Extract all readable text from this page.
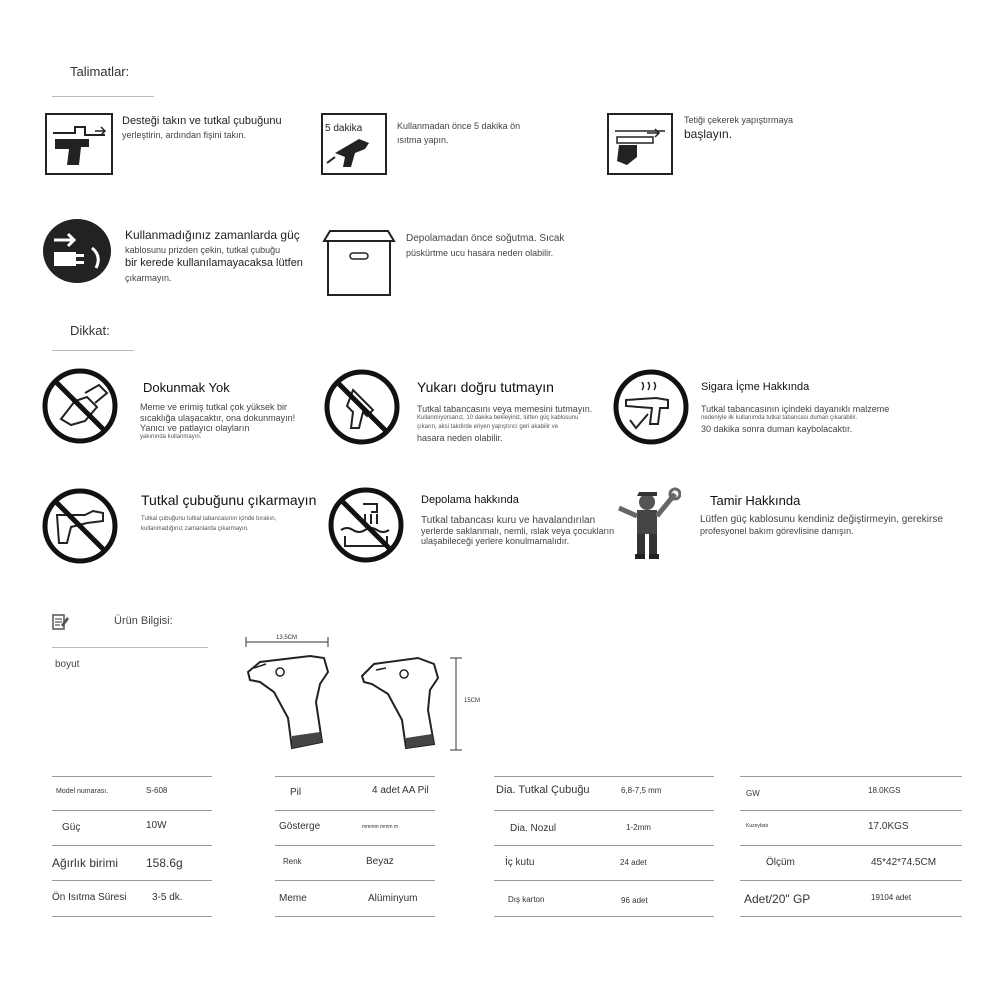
Talimatlar:
Desteği takın ve tutkal çubuğunu
yerleştirin, ardından fişini takın.
5 dakika	Kullanmadan önce 5 dakika ön
ısıtma yapın.
Tetiği çekerek yapıştırmaya
başlayın.
Kullanmadığınız zamanlarda güç
kablosunu prizden çekin, tutkal çubuğu
bir kerede kullanılamayacaksa lütfen
çıkarmayın.
Depolamadan önce soğutma. Sıcak
püskürtme ucu hasara neden olabilir.
Dikkat:
Dokunmak Yok
Meme ve erimiş tutkal çok yüksek bir
sıcaklığa ulaşacaktır, ona dokunmayın!
Yanıcı ve patlayıcı olayların
yakınında kullanmayın.
Yukarı doğru tutmayın
Tutkal tabancasını veya memesini tutmayın.
Kullanmıyorsanız, 10 dakika bekleyiniz, lütfen güç kablosunu
çıkarın, aksi takdirde eriyen yapıştırıcı geri akabilir ve
hasara neden olabilir.
Sigara İçme Hakkında
Tutkal tabancasının içindeki dayanıklı malzeme
nedeniyle ilk kullanımda tutkal tabancası duman çıkarabilir.
30 dakika sonra duman kaybolacaktır.
Tutkal çubuğunu çıkarmayın
Tutkal çubuğunu tutkal tabancasının içinde bırakın,
kullanmadığınız zamanlarda çıkarmayın.
Depolama hakkında
Tutkal tabancası kuru ve havalandırılan
yerlerde saklanmalı, nemli, ıslak veya çocukların
ulaşabileceği yerlere konulmamalıdır.
Tamir Hakkında
Lütfen güç kablosunu kendiniz değiştirmeyin, gerekirse
profesyonel bakım görevlisine danışın.
Ürün Bilgisi:
boyut
13.5CM
15CM
Model numarası.	S-608
Güç	10W
Ağırlık birimi 158.6g
Ön Isıtma Süresi	3-5 dk.
Pil	4 adet AA Pil
Gösterge	mmmm mmm m
Renk	Beyaz
Meme	Alüminyum
Dia. Tutkal Çubuğu	6,8-7,5 mm
Dia. Nozul	1-2mm
İç kutu	24 adet
Dış karton	96 adet
GW	18.0KGS
Kuzeybatı	17.0KGS
Ölçüm	45*42*74.5CM
Adet/20" GP	19104 adet
